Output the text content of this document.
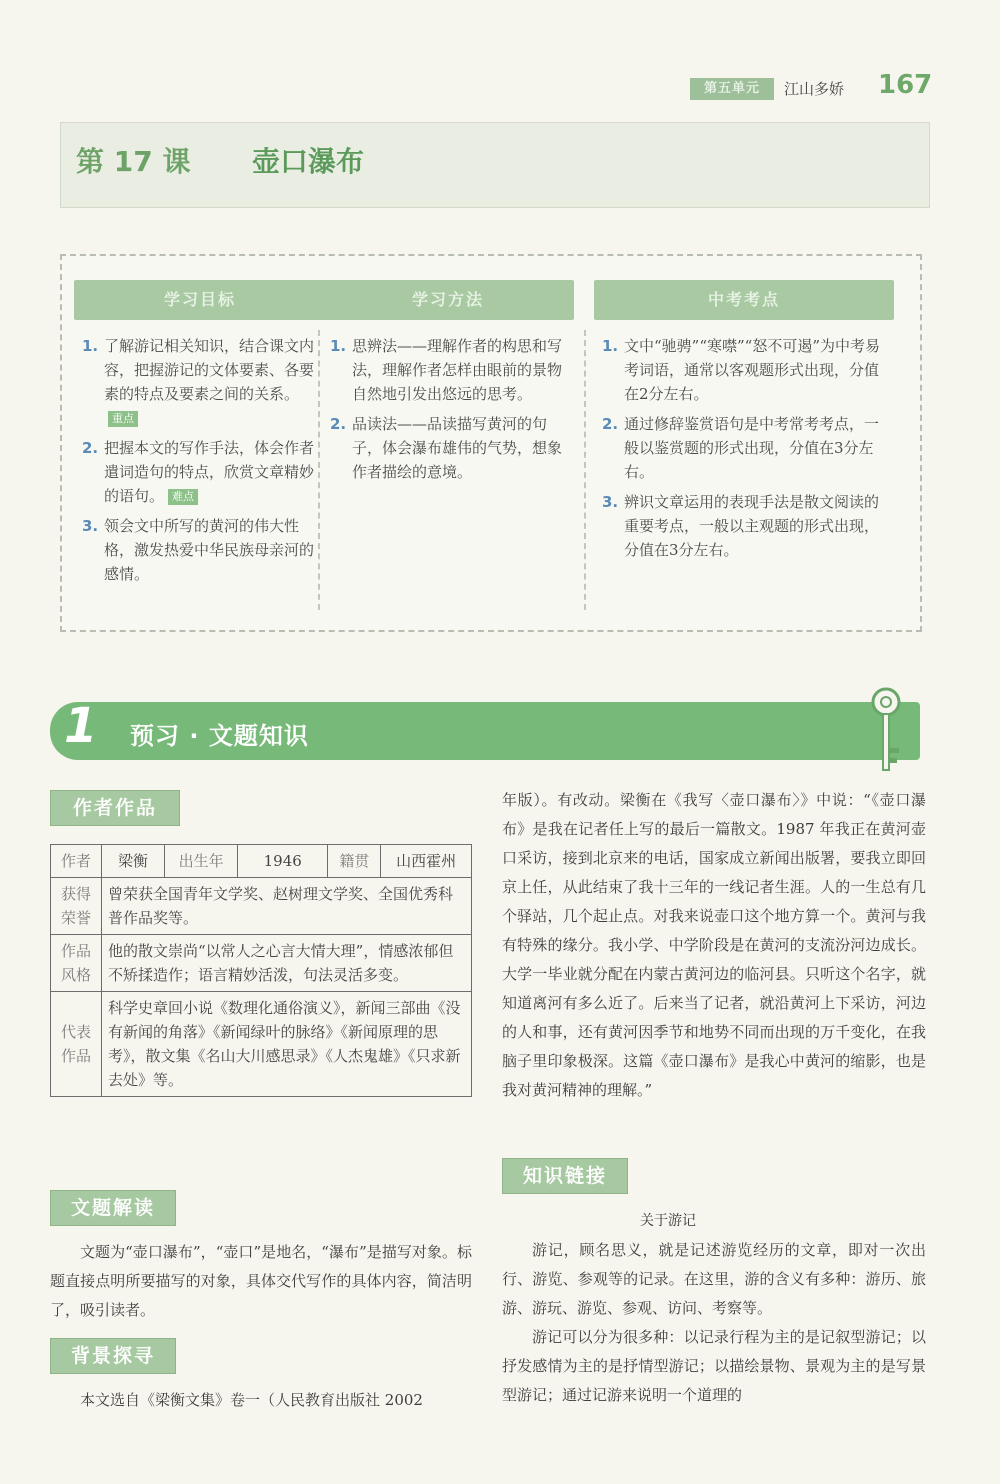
第五单元	江山多娇 167
第 17 课 壶口瀑布
学习目标
1. 了解游记相关知识，结合课文内容，把握游记的文体要素、各要素的特点及要素之间的关系。重点
2. 把握本文的写作手法，体会作者遣词造句的特点，欣赏文章精妙的语句。 难点
3. 领会文中所写的黄河的伟大性格，激发热爱中华民族母亲河的感情。
学习方法
1. 思辨法——理解作者的构思和写法，理解作者怎样由眼前的景物自然地引发出悠远的思考。
2. 品读法——品读描写黄河的句子，体会瀑布雄伟的气势，想象作者描绘的意境。
中考考点
1. 文中“驰骋”“寒噤”“怒不可遏”为中考易考词语，通常以客观题形式出现，分值在2分左右。
2. 通过修辞鉴赏语句是中考常考考点，一般以鉴赏题的形式出现，分值在3分左右。
3. 辨识文章运用的表现手法是散文阅读的重要考点，一般以主观题的形式出现，分值在3分左右。
1 预习 · 文题知识
作者作品
作者	梁衡	出生年	1946	籍贯	山西霍州
获得荣誉	曾荣获全国青年文学奖、赵树理文学奖、全国优秀科普作品奖等。				
作品风格	他的散文崇尚“以常人之心言大情大理”，情感浓郁但不矫揉造作；语言精妙活泼，句法灵活多变。				
代表作品	科学史章回小说《数理化通俗演义》，新闻三部曲《没有新闻的角落》《新闻绿叶的脉络》《新闻原理的思考》，散文集《名山大川感思录》《人杰鬼雄》《只求新去处》等。				
文题解读

文题为“壶口瀑布”，“壶口”是地名，“瀑布”是描写对象。标题直接点明所要描写的对象，具体交代写作的具体内容，简洁明了，吸引读者。

背景探寻

本文选自《梁衡文集》卷一（人民教育出版社 2002

年版）。有改动。梁衡在《我写〈壶口瀑布〉》中说：“《壶口瀑布》是我在记者任上写的最后一篇散文。1987 年我正在黄河壶口采访，接到北京来的电话，国家成立新闻出版署，要我立即回京上任，从此结束了我十三年的一线记者生涯。人的一生总有几个驿站，几个起止点。对我来说壶口这个地方算一个。黄河与我有特殊的缘分。我小学、中学阶段是在黄河的支流汾河边成长。大学一毕业就分配在内蒙古黄河边的临河县。只听这个名字，就知道离河有多么近了。后来当了记者，就沿黄河上下采访，河边的人和事，还有黄河因季节和地势不同而出现的万千变化，在我脑子里印象极深。这篇《壶口瀑布》是我心中黄河的缩影，也是我对黄河精神的理解。”

知识链接
关于游记

游记，顾名思义，就是记述游览经历的文章，即对一次出行、游览、参观等的记录。在这里，游的含义有多种：游历、旅游、游玩、游览、参观、访问、考察等。

游记可以分为很多种：以记录行程为主的是记叙型游记；以抒发感情为主的是抒情型游记；以描绘景物、景观为主的是写景型游记；通过记游来说明一个道理的
